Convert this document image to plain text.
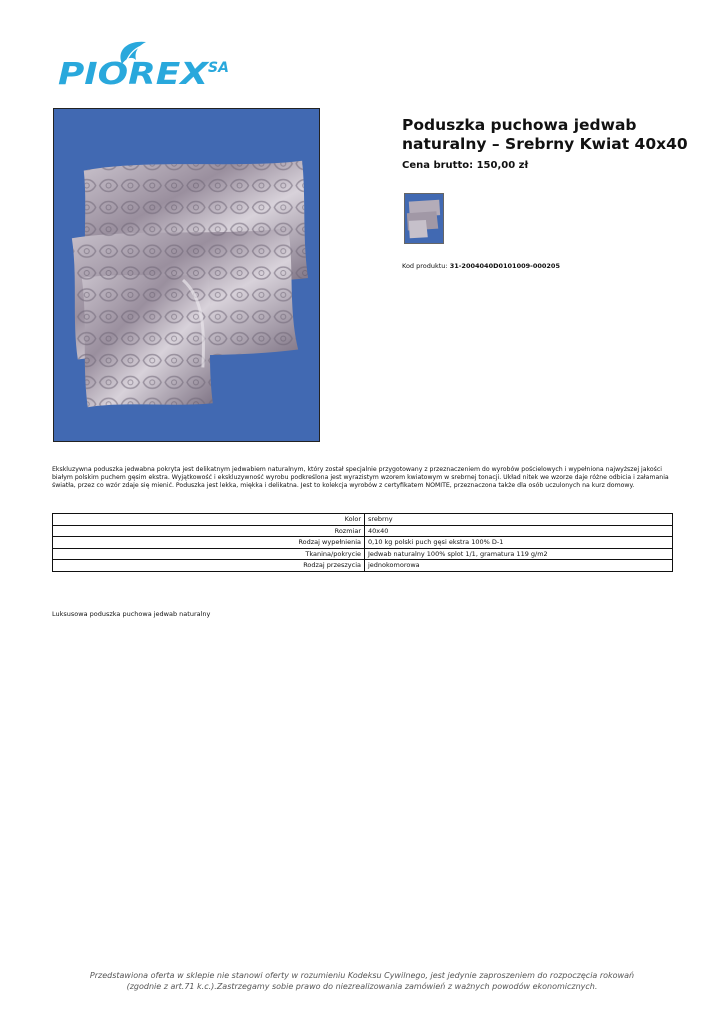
PIOREX
SA
Poduszka puchowa jedwab naturalny – Srebrny Kwiat 40x40

Cena brutto: 150,00 zł

Kod produktu: 31-2004040D0101009-000205

Ekskluzywna poduszka jedwabna pokryta jest delikatnym jedwabiem naturalnym, który został specjalnie przygotowany z przeznaczeniem do wyrobów pościelowych i wypełniona najwyższej jakości białym polskim puchem gęsim ekstra. Wyjątkowość i ekskluzywność wyrobu podkreślona jest wyrazistym wzorem kwiatowym w srebrnej tonacji. Układ nitek we wzorze daje różne odbicia i załamania światła, przez co wzór zdaje się mienić. Poduszka jest lekka, miękka i delikatna. Jest to kolekcja wyrobów z certyfikatem NOMITE, przeznaczona także dla osób uczulonych na kurz domowy.

Kolor	srebrny
Rozmiar	40x40
Rodzaj wypełnienia	0,10 kg polski puch gęsi ekstra 100% D-1
Tkanina/pokrycie	Jedwab naturalny 100% splot 1/1, gramatura 119 g/m2
Rodzaj przeszycia	jednokomorowa
Luksusowa poduszka puchowa jedwab naturalny
Przedstawiona oferta w sklepie nie stanowi oferty w rozumieniu Kodeksu Cywilnego, jest jedynie zaproszeniem do rozpoczęcia rokowań (zgodnie z art.71 k.c.).Zastrzegamy sobie prawo do niezrealizowania zamówień z ważnych powodów ekonomicznych.
